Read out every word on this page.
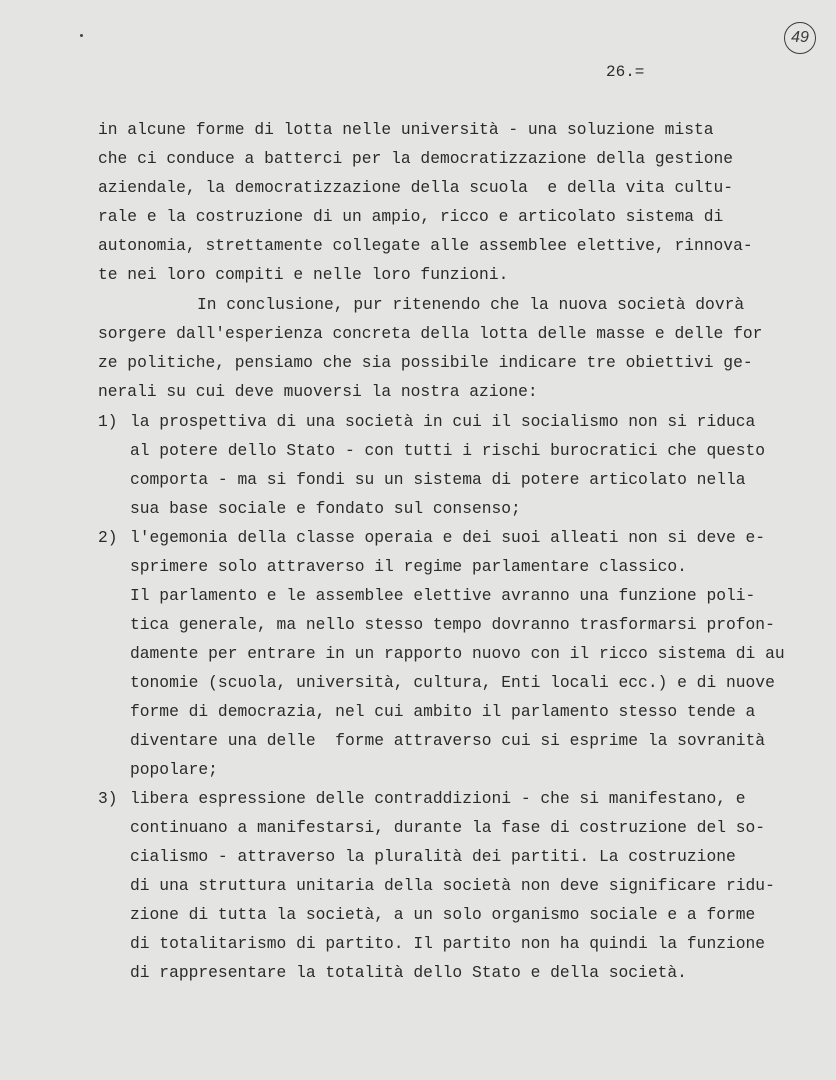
49
26.=
in alcune forme di lotta nelle università - una soluzione mista
che ci conduce a batterci per la democratizzazione della gestione
aziendale, la democratizzazione della scuola  e della vita cultu-
rale e la costruzione di un ampio, ricco e articolato sistema di
autonomia, strettamente collegate alle assemblee elettive, rinnova-
te nei loro compiti e nelle loro funzioni.
In conclusione, pur ritenendo che la nuova società dovrà
sorgere dall'esperienza concreta della lotta delle masse e delle for
ze politiche, pensiamo che sia possibile indicare tre obiettivi ge-
nerali su cui deve muoversi la nostra azione:
1) la prospettiva di una società in cui il socialismo non si riduca
al potere dello Stato - con tutti i rischi burocratici che questo
comporta - ma si fondi su un sistema di potere articolato nella
sua base sociale e fondato sul consenso;
2) l'egemonia della classe operaia e dei suoi alleati non si deve e-
sprimere solo attraverso il regime parlamentare classico.
Il parlamento e le assemblee elettive avranno una funzione poli-
tica generale, ma nello stesso tempo dovranno trasformarsi profon-
damente per entrare in un rapporto nuovo con il ricco sistema di au
tonomie (scuola, università, cultura, Enti locali ecc.) e di nuove
forme di democrazia, nel cui ambito il parlamento stesso tende a
diventare una delle  forme attraverso cui si esprime la sovranità
popolare;
3) libera espressione delle contraddizioni - che si manifestano, e
continuano a manifestarsi, durante la fase di costruzione del so-
cialismo - attraverso la pluralità dei partiti. La costruzione
di una struttura unitaria della società non deve significare ridu-
zione di tutta la società, a un solo organismo sociale e a forme
di totalitarismo di partito. Il partito non ha quindi la funzione
di rappresentare la totalità dello Stato e della società.
